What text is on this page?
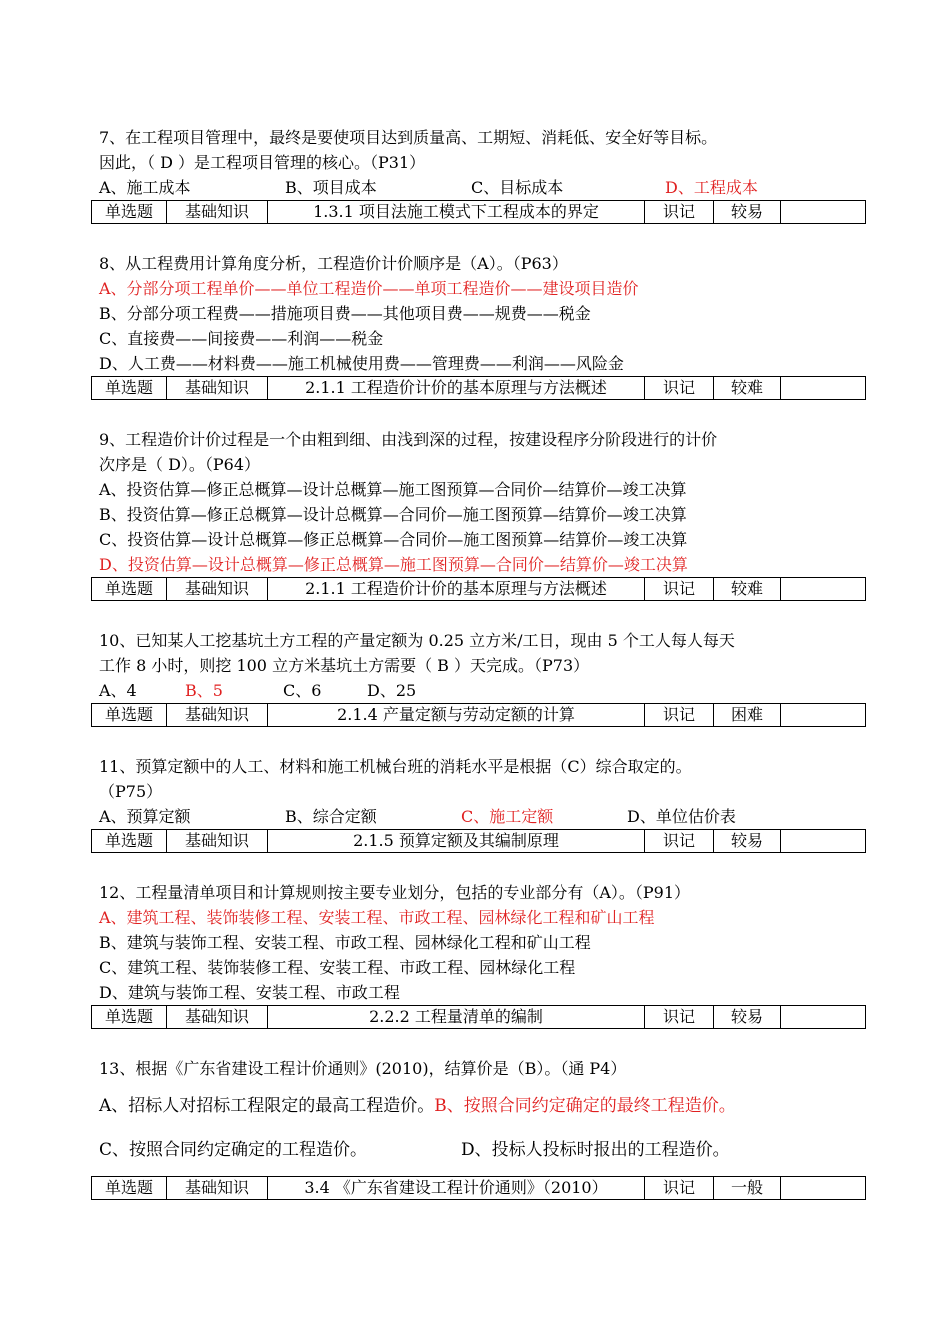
7、在工程项目管理中，最终是要使项目达到质量高、工期短、消耗低、安全好等目标。
因此，（ D ）是工程项目管理的核心。（P31）
A、施工成本	B、项目成本	C、目标成本	D、工程成本
单选题	基础知识	1.3.1 项目法施工模式下工程成本的界定	识记	较易	
8、从工程费用计算角度分析，工程造价计价顺序是（A）。（P63）
A、分部分项工程单价——单位工程造价——单项工程造价——建设项目造价
B、分部分项工程费——措施项目费——其他项目费——规费——税金
C、直接费——间接费——利润——税金
D、人工费——材料费——施工机械使用费——管理费——利润——风险金
单选题	基础知识	2.1.1 工程造价计价的基本原理与方法概述	识记	较难	
9、工程造价计价过程是一个由粗到细、由浅到深的过程，按建设程序分阶段进行的计价
次序是（ D）。（P64）
A、投资估算—修正总概算—设计总概算—施工图预算—合同价—结算价—竣工决算
B、投资估算—修正总概算—设计总概算—合同价—施工图预算—结算价—竣工决算
C、投资估算—设计总概算—修正总概算—合同价—施工图预算—结算价—竣工决算
D、投资估算—设计总概算—修正总概算—施工图预算—合同价—结算价—竣工决算
单选题	基础知识	2.1.1 工程造价计价的基本原理与方法概述	识记	较难	
10、已知某人工挖基坑土方工程的产量定额为 0.25 立方米/工日，现由 5 个工人每人每天
工作 8 小时，则挖 100 立方米基坑土方需要（ B ）天完成。（P73）
A、4	B、5	C、6	D、25
单选题	基础知识	2.1.4 产量定额与劳动定额的计算	识记	困难	
11、预算定额中的人工、材料和施工机械台班的消耗水平是根据（C）综合取定的。
（P75）
A、预算定额	B、综合定额	C、施工定额	D、单位估价表
单选题	基础知识	2.1.5 预算定额及其编制原理	识记	较易	
12、工程量清单项目和计算规则按主要专业划分，包括的专业部分有（A）。（P91）
A、建筑工程、装饰装修工程、安装工程、市政工程、园林绿化工程和矿山工程
B、建筑与装饰工程、安装工程、市政工程、园林绿化工程和矿山工程
C、建筑工程、装饰装修工程、安装工程、市政工程、园林绿化工程
D、建筑与装饰工程、安装工程、市政工程
单选题	基础知识	2.2.2 工程量清单的编制	识记	较易	
13、根据《广东省建设工程计价通则》(2010)，结算价是（B）。（通 P4）
A、招标人对招标工程限定的最高工程造价。B、按照合同约定确定的最终工程造价。
C、按照合同约定确定的工程造价。	D、投标人投标时报出的工程造价。
单选题	基础知识	3.4 《广东省建设工程计价通则》（2010）	识记	一般	
